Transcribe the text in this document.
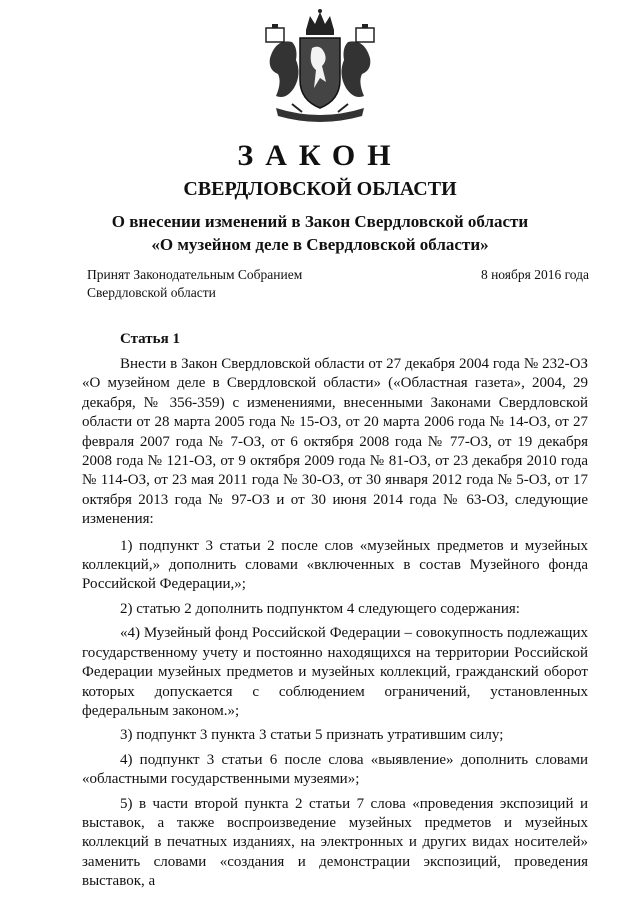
ЗАКОН
СВЕРДЛОВСКОЙ ОБЛАСТИ
О внесении изменений в Закон Свердловской области
«О музейном деле в Свердловской области»
Принят Законодательным Собранием
Свердловской области
8 ноября 2016 года
Статья 1

Внести в Закон Свердловской области от 27 декабря 2004 года № 232-ОЗ «О музейном деле в Свердловской области» («Областная газета», 2004, 29 декабря, № 356-359) с изменениями, внесенными Законами Свердловской области от 28 марта 2005 года № 15-ОЗ, от 20 марта 2006 года № 14-ОЗ, от 27 февраля 2007 года № 7-ОЗ, от 6 октября 2008 года № 77-ОЗ, от 19 декабря 2008 года № 121-ОЗ, от 9 октября 2009 года № 81-ОЗ, от 23 декабря 2010 года № 114-ОЗ, от 23 мая 2011 года № 30-ОЗ, от 30 января 2012 года № 5-ОЗ, от 17 октября 2013 года № 97-ОЗ и от 30 июня 2014 года № 63-ОЗ, следующие изменения:

1) подпункт 3 статьи 2 после слов «музейных предметов и музейных коллекций,» дополнить словами «включенных в состав Музейного фонда Российской Федерации,»;

2) статью 2 дополнить подпунктом 4 следующего содержания:

«4) Музейный фонд Российской Федерации – совокупность подлежащих государственному учету и постоянно находящихся на территории Российской Федерации музейных предметов и музейных коллекций, гражданский оборот которых допускается с соблюдением ограничений, установленных федеральным законом.»;

3) подпункт 3 пункта 3 статьи 5 признать утратившим силу;

4) подпункт 3 статьи 6 после слова «выявление» дополнить словами «областными государственными музеями»;

5) в части второй пункта 2 статьи 7 слова «проведения экспозиций и выставок, а также воспроизведение музейных предметов и музейных коллекций в печатных изданиях, на электронных и других видах носителей» заменить словами «создания и демонстрации экспозиций, проведения выставок, а
